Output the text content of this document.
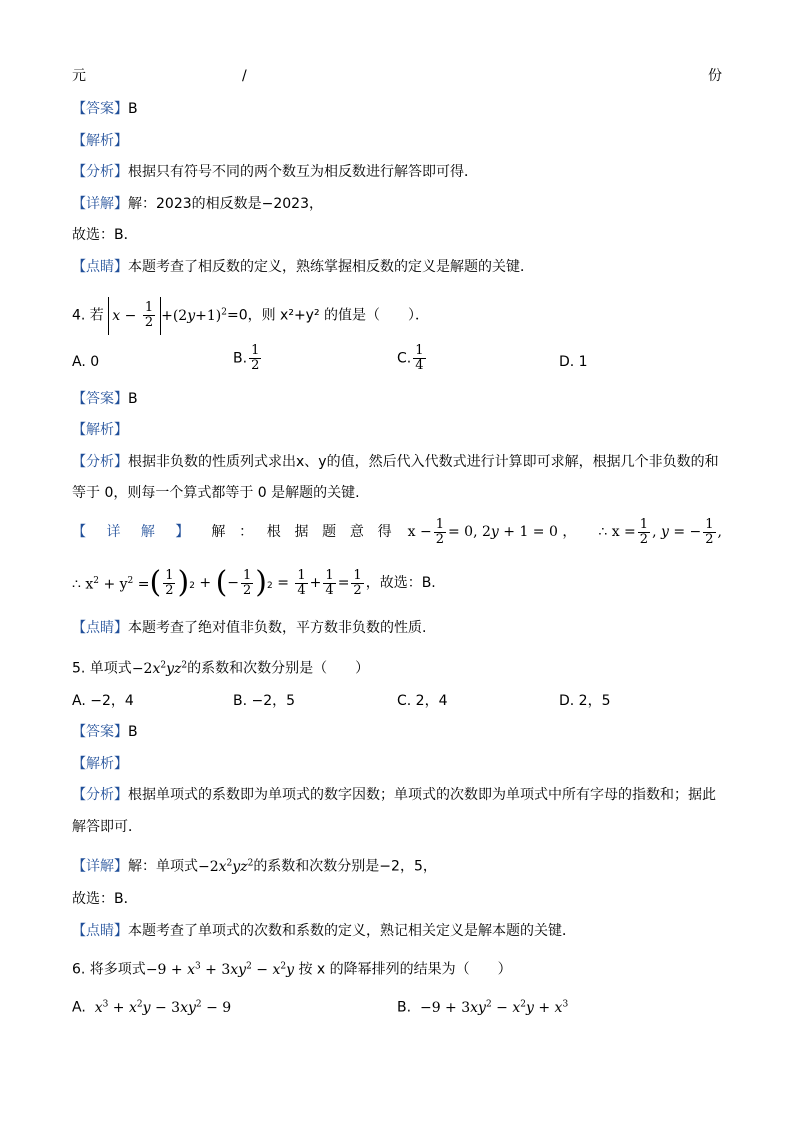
元	/	份
【答案】B
【解析】
【分析】根据只有符号不同的两个数互为相反数进行解答即可得．
【详解】解：2023的相反数是−2023，
故选：B．
【点睛】本题考查了相反数的定义，熟练掌握相反数的定义是解题的关键．
4. 若 $x - \frac{1}{2} +(2y+1)^2=0$，则 x²+y² 的值是（　　）．
A. 0	B. $\frac{1}{2}$	C. $\frac{1}{4}$	D. 1
【答案】B
【解析】
【分析】根据非负数的性质列式求出x、y的值，然后代入代数式进行计算即可求解，根据几个非负数的和
等于 0，则每一个算式都等于 0 是解题的关键.
【 详 解 】 解 ： 根 据 题 意 得 $x - \frac{1}{2} = 0$, 2y + 1 = 0 ， ∴ $x = \frac{1}{2}$ , y = − $\frac{1}{2}$ ,
∴ $x^2 + y^2$ = ( $\frac{1}{2} )_2$ + ( − $\frac{1}{2} )_2 = \frac{1}{4} + \frac{1}{4} = \frac{1}{2}$ ，故选：B.
【点睛】本题考查了绝对值非负数，平方数非负数的性质.
5. 单项式$-2x^2yz^2$的系数和次数分别是（　　）
A. −2，4	B. −2，5	C. 2，4	D. 2，5
【答案】B
【解析】
【分析】根据单项式的系数即为单项式的数字因数；单项式的次数即为单项式中所有字母的指数和；据此
解答即可．
【详解】解：单项式$-2x^2yz^2$的系数和次数分别是−2，5，
故选：B．
【点睛】本题考查了单项式的次数和系数的定义，熟记相关定义是解本题的关键．
6. 将多项式$-9 + x^3 + 3xy^2 - x^2y$ 按 x 的降幂排列的结果为（　　）
A. $x^3 + x^2y - 3xy^2 - 9$	B. $-9 + 3xy^2 - x^2y + x^3$
